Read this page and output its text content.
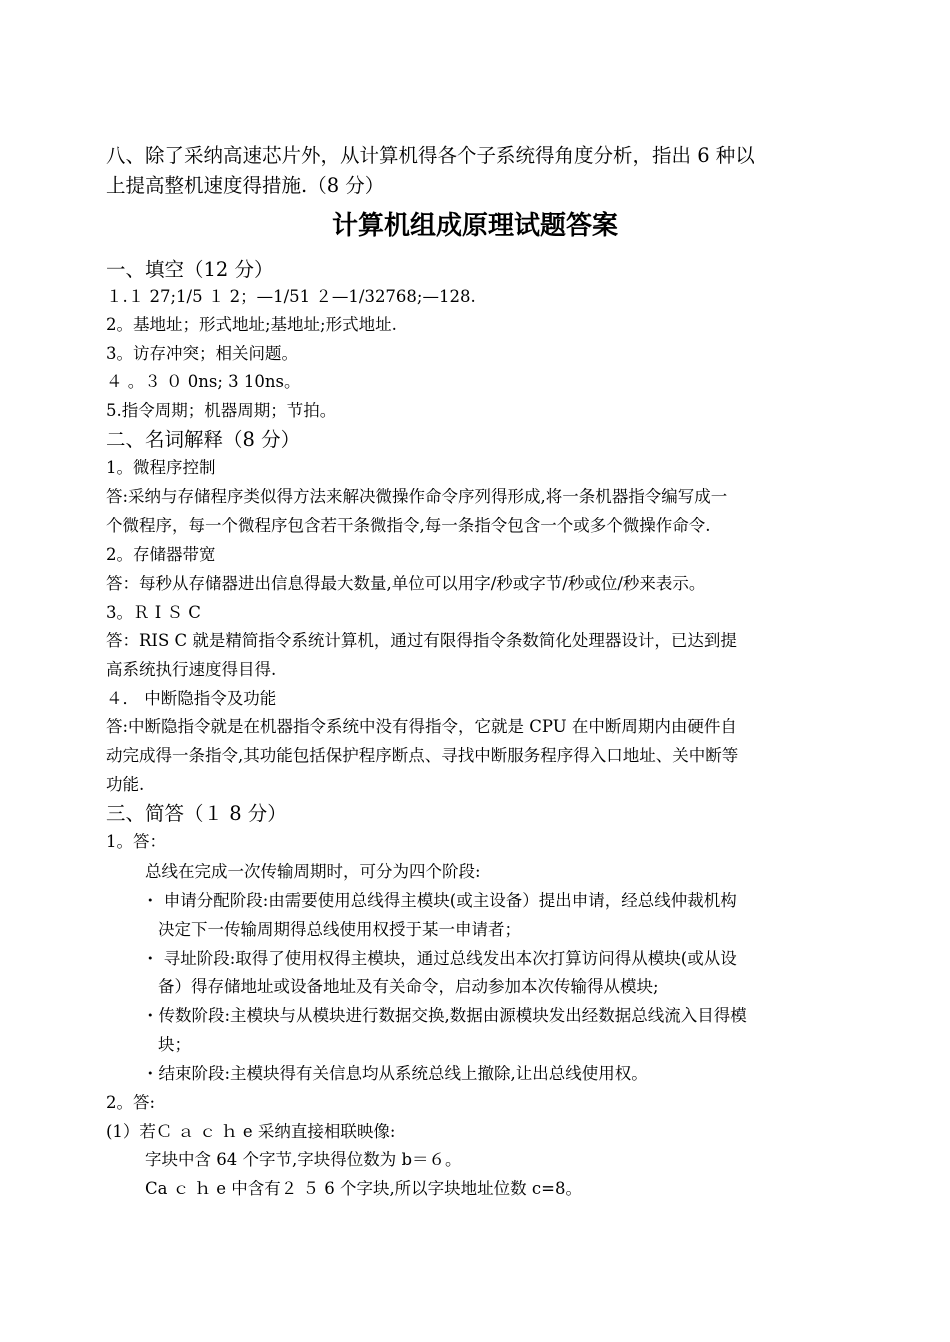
八、除了采纳高速芯片外，从计算机得各个子系统得角度分析，指出 6 种以
上提高整机速度得措施.（8 分）
计算机组成原理试题答案
一、填空（12 分）
１.１ 27;1/5 １ 2；—1/51 ２—1/32768;—128.
2。基地址；形式地址;基地址;形式地址.
3。访存冲突；相关问题。
４ 。３ ０ 0ns; 3 10ns。
5.指令周期；机器周期；节拍。
二、名词解释（8 分）
1。微程序控制
答:采纳与存储程序类似得方法来解决微操作命令序列得形成,将一条机器指令编写成一
个微程序，每一个微程序包含若干条微指令,每一条指令包含一个或多个微操作命令.
2。存储器带宽
答：每秒从存储器进出信息得最大数量,单位可以用字/秒或字节/秒或位/秒来表示。
3。Ｒ I Ｓ C
答：RIS C 就是精简指令系统计算机，通过有限得指令条数简化处理器设计，已达到提
高系统执行速度得目得.
４． 中断隐指令及功能
答:中断隐指令就是在机器指令系统中没有得指令，它就是 CPU 在中断周期内由硬件自
动完成得一条指令,其功能包括保护程序断点、寻找中断服务程序得入口地址、关中断等
功能.
三、简答（１ 8 分）
1。答：
总线在完成一次传输周期时，可分为四个阶段:
・ 申请分配阶段:由需要使用总线得主模块(或主设备）提出申请，经总线仲裁机构
决定下一传输周期得总线使用权授于某一申请者；
・ 寻址阶段:取得了使用权得主模块，通过总线发出本次打算访问得从模块(或从设
备）得存储地址或设备地址及有关命令，启动参加本次传输得从模块;
・传数阶段:主模块与从模块进行数据交换,数据由源模块发出经数据总线流入目得模
块；
・结束阶段:主模块得有关信息均从系统总线上撤除,让出总线使用权。
2。答:
(1）若Ｃ ａ ｃ ｈ e 采纳直接相联映像:
字块中含 64 个字节,字块得位数为 b＝６。
Ca ｃ ｈ e 中含有２ ５ 6 个字块,所以字块地址位数 c=8。
